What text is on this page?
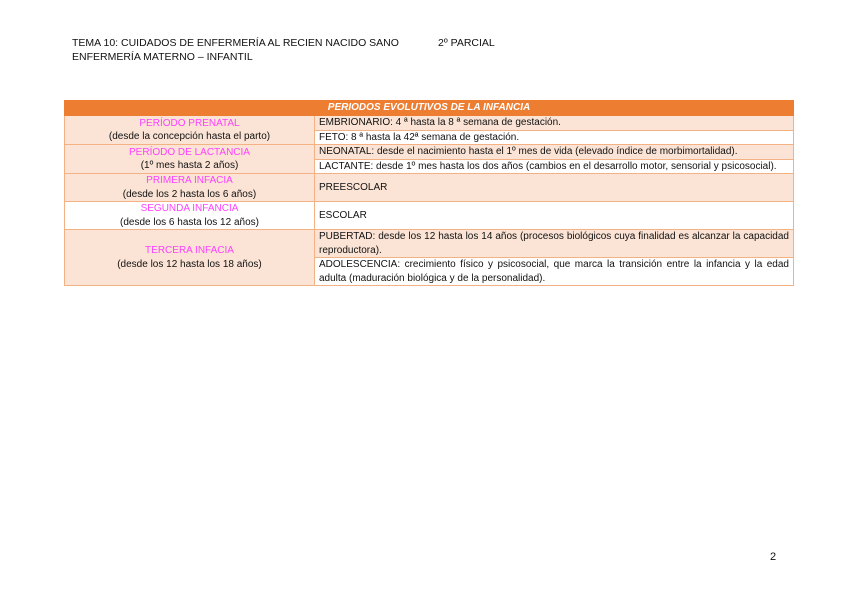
TEMA 10: CUIDADOS DE ENFERMERÍA AL RECIEN NACIDO SANO	2º PARCIAL
ENFERMERÍA MATERNO – INFANTIL
PERIODOS EVOLUTIVOS DE LA INFANCIA	

PERÍODO PRENATAL
(desde la concepción hasta el parto)	EMBRIONARIO: 4 ª hasta la 8 ª semana de gestación.
	FETO: 8 ª hasta la 42ª semana de gestación.

PERÍODO DE LACTANCIA
(1º mes hasta 2 años)	NEONATAL: desde el nacimiento hasta el 1º mes de vida (elevado índice de morbimortalidad).
	LACTANTE: desde 1º mes hasta los dos años (cambios en el desarrollo motor, sensorial y psicosocial).

PRIMERA INFACIA
(desde los 2 hasta los 6 años)	PREESCOLAR

SEGUNDA INFANCIA
(desde los 6 hasta los 12 años)	ESCOLAR

TERCERA INFACIA
(desde los 12 hasta los 18 años)	PUBERTAD: desde los 12 hasta los 14 años (procesos biológicos cuya finalidad es alcanzar la capacidad reproductora).
	ADOLESCENCIA: crecimiento físico y psicosocial, que marca la transición entre la infancia y la edad adulta (maduración biológica y de la personalidad).
2
